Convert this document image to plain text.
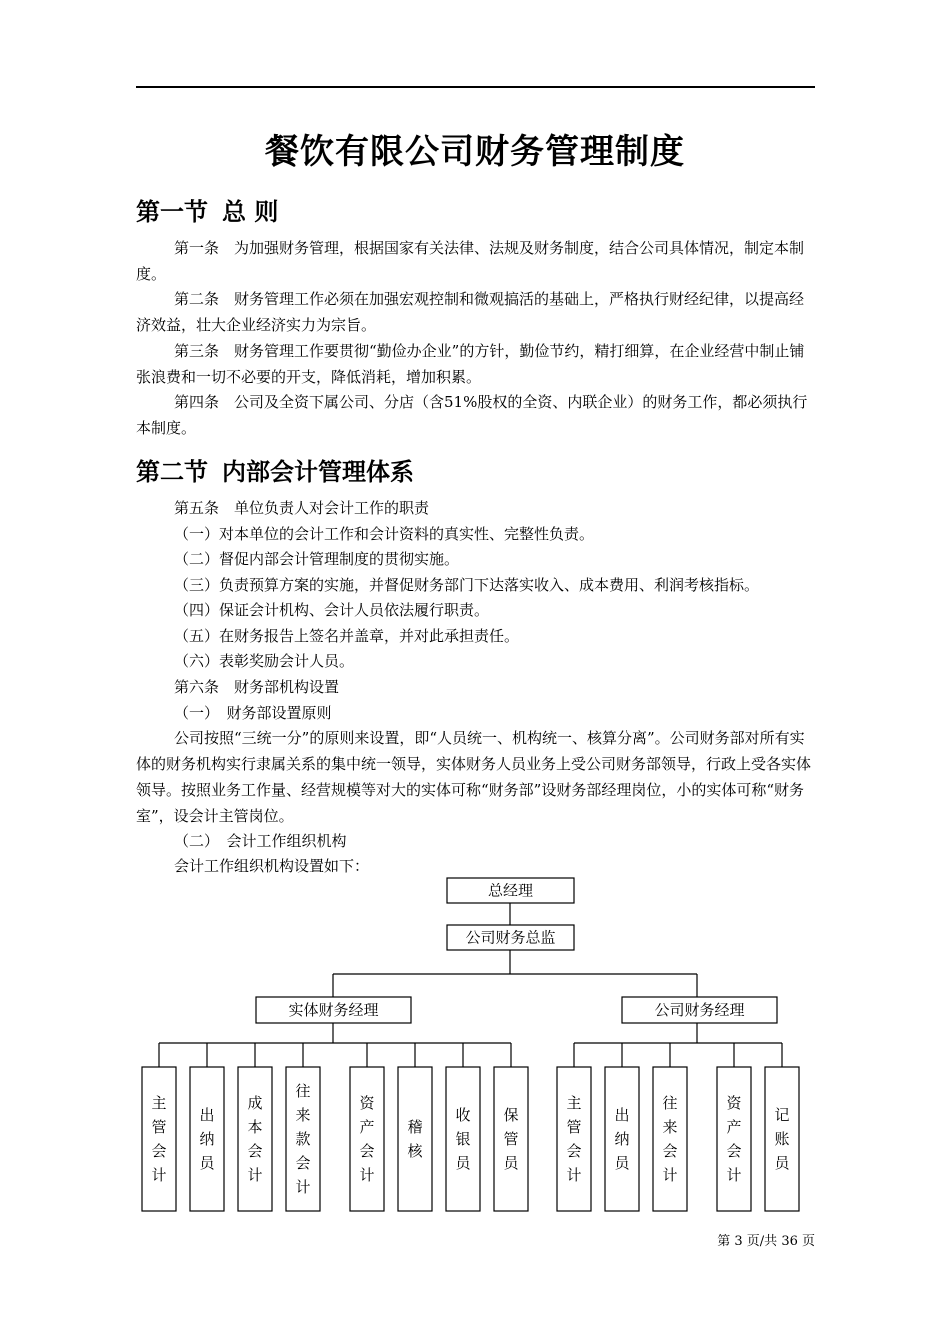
餐饮有限公司财务管理制度
第一节 总 则
第一条　为加强财务管理，根据国家有关法律、法规及财务制度，结合公司具体情况，制定本制度。
第二条　财务管理工作必须在加强宏观控制和微观搞活的基础上，严格执行财经纪律，以提高经济效益，壮大企业经济实力为宗旨。
第三条　财务管理工作要贯彻“勤俭办企业”的方针，勤俭节约，精打细算，在企业经营中制止铺张浪费和一切不必要的开支，降低消耗，增加积累。
第四条　公司及全资下属公司、分店（含51%股权的全资、内联企业）的财务工作，都必须执行本制度。
第二节 内部会计管理体系
第五条　单位负责人对会计工作的职责
（一）对本单位的会计工作和会计资料的真实性、完整性负责。
（二）督促内部会计管理制度的贯彻实施。
（三）负责预算方案的实施，并督促财务部门下达落实收入、成本费用、利润考核指标。
（四）保证会计机构、会计人员依法履行职责。
（五）在财务报告上签名并盖章，并对此承担责任。
（六）表彰奖励会计人员。
第六条　财务部机构设置
（一）　财务部设置原则
公司按照“三统一分”的原则来设置，即“人员统一、机构统一、核算分离”。公司财务部对所有实体的财务机构实行隶属关系的集中统一领导，实体财务人员业务上受公司财务部领导，行政上受各实体领导。按照业务工作量、经营规模等对大的实体可称“财务部”设财务部经理岗位，小的实体可称“财务室”，设会计主管岗位。
（二）　会计工作组织机构
会计工作组织机构设置如下：
总经理
公司财务总监
实体财务经理	公司财务经理
主管会计
出纳员
成本会计
往来款会计
资产会计
稽核
收银员
保管员
主管会计
出纳员
往来会计
资产会计
记账员
第 3 页/共 36 页
